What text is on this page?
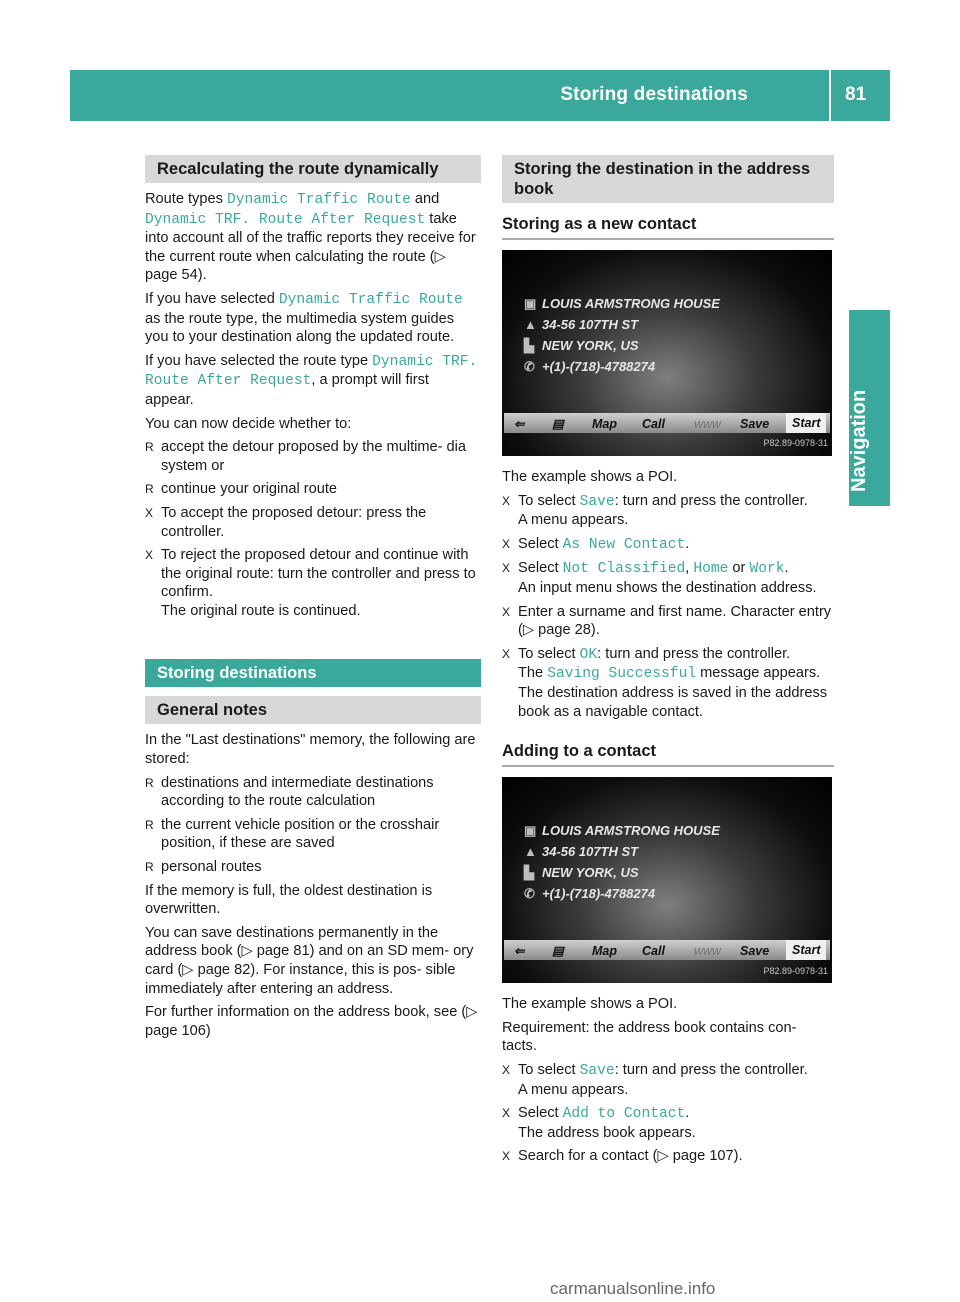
Storing destinations	81
Navigation
Recalculating the route dynamically

Route types Dynamic Traffic Route and
Dynamic TRF. Route After Request take into account all of the traffic reports they receive for the current route when calculating the route (▷ page 54).

If you have selected Dynamic Traffic Route as the route type, the multimedia system guides you to your destination along the updated route.

If you have selected the route type Dynamic TRF. Route After Request, a prompt will first appear.

You can now decide whether to:

R accept the detour proposed by the multime- dia system or
R continue your original route
X To accept the proposed detour: press the controller.
X To reject the proposed detour and continue with the original route: turn the controller and press to confirm.
The original route is continued.
Storing destinations
General notes

In the "Last destinations" memory, the following are stored:

R destinations and intermediate destinations according to the route calculation
R the current vehicle position or the crosshair position, if these are saved
R personal routes

If the memory is full, the oldest destination is overwritten.

You can save destinations permanently in the address book (▷ page 81) and on an SD mem- ory card (▷ page 82). For instance, this is pos- sible immediately after entering an address.

For further information on the address book, see (▷ page 106)

Storing the destination in the address book
Storing as a new contact
▣ LOUIS ARMSTRONG HOUSE
▲ 34-56 107TH ST
▙ NEW YORK, US
✆ +(1)-(718)-4788274
⇐ ▤ Map Call www Save	Start
P82.89-0978-31

The example shows a POI.

X To select Save: turn and press the controller.
A menu appears.
X Select As New Contact.
X Select Not Classified, Home or Work.
An input menu shows the destination address.
X Enter a surname and first name. Character entry (▷ page 28).
X To select OK: turn and press the controller.
The Saving Successful message appears.
The destination address is saved in the address book as a navigable contact.
Adding to a contact
▣ LOUIS ARMSTRONG HOUSE
▲ 34-56 107TH ST
▙ NEW YORK, US
✆ +(1)-(718)-4788274
⇐ ▤ Map Call www Save	Start
P82.89-0978-31

The example shows a POI.

Requirement: the address book contains con- tacts.

X To select Save: turn and press the controller.
A menu appears.
X Select Add to Contact.
The address book appears.
X Search for a contact (▷ page 107).
carmanualsonline.info
